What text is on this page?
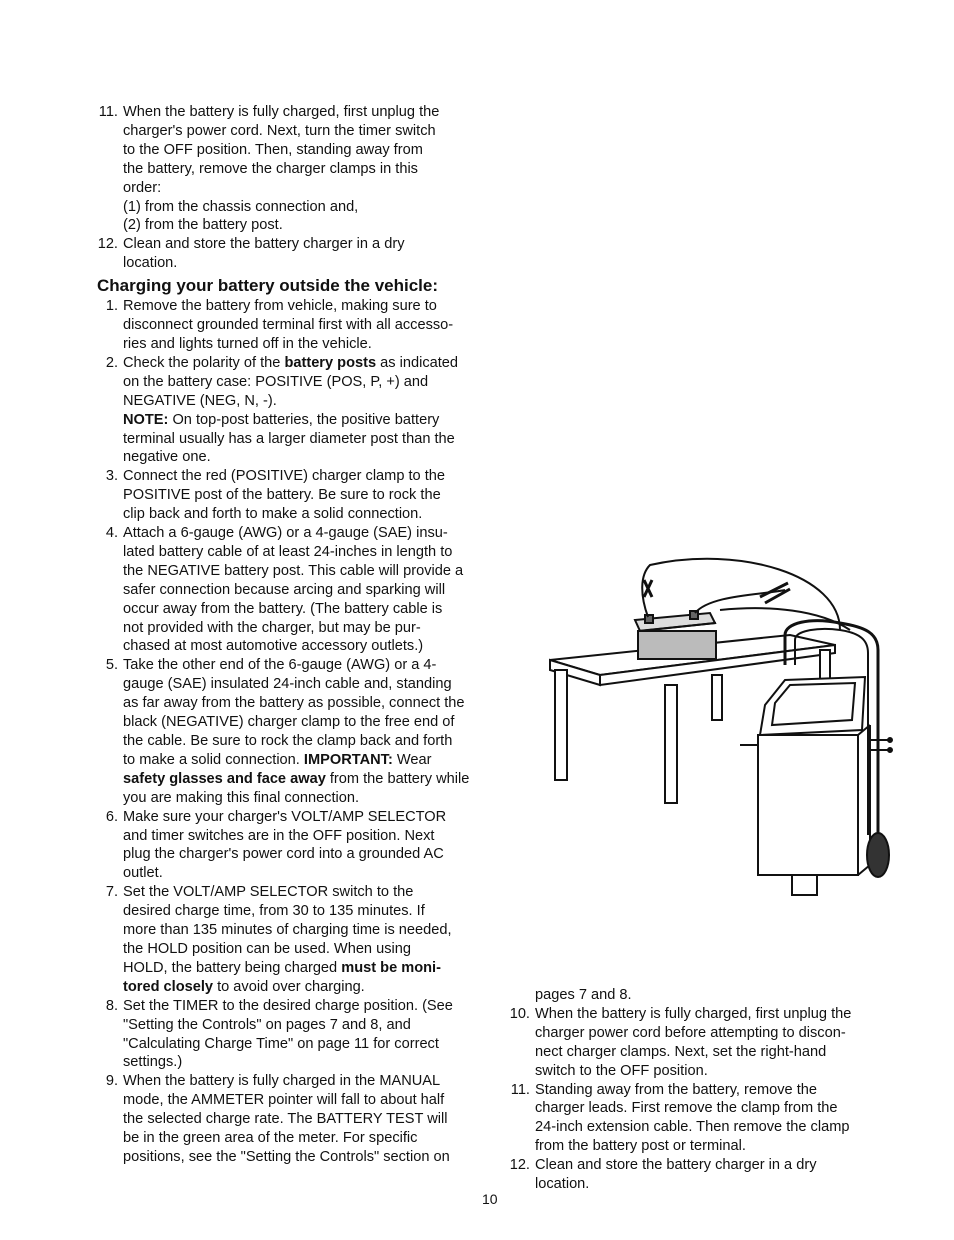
11. When the battery is fully charged, first unplug the

charger's power cord. Next, turn the timer switch

to the OFF position. Then, standing away from

the battery, remove the charger clamps in this

order:

(1) from the chassis connection and,

(2) from the battery post.

12. Clean and store the battery charger in a dry

location.

Charging your battery outside the vehicle:
1. Remove the battery from vehicle, making sure to

disconnect grounded terminal first with all accesso-

ries and lights turned off in the vehicle.

2. Check the polarity of the battery posts as indicated

on the battery case: POSITIVE (POS, P, +) and

NEGATIVE (NEG, N, -).

NOTE: On top-post batteries, the positive battery

terminal usually has a larger diameter post than the

negative one.

3. Connect the red (POSITIVE) charger clamp to the

POSITIVE post of the battery. Be sure to rock the

clip back and forth to make a solid connection.

4. Attach a 6-gauge (AWG) or a 4-gauge (SAE) insu-

lated battery cable of at least 24-inches in length to

the NEGATIVE battery post. This cable will provide a

safer connection because arcing and sparking will

occur away from the battery. (The battery cable is

not provided with the charger, but may be pur-

chased at most automotive accessory outlets.)

5. Take the other end of the 6-gauge (AWG) or a 4-

gauge (SAE) insulated 24-inch cable and, standing

as far away from the battery as possible, connect the

black (NEGATIVE) charger clamp to the free end of

the cable. Be sure to rock the clamp back and forth

to make a solid connection. IMPORTANT: Wear

safety glasses and face away from the battery while

you are making this final connection.

6. Make sure your charger's VOLT/AMP SELECTOR

and timer switches are in the OFF position. Next

plug the charger's power cord into a grounded AC

outlet.

7. Set the VOLT/AMP SELECTOR switch to the

desired charge time, from 30 to 135 minutes. If

more than 135 minutes of charging time is needed,

the HOLD position can be used. When using

HOLD, the battery being charged must be moni-

tored closely to avoid over charging.

8. Set the TIMER to the desired charge position. (See

"Setting the Controls" on pages 7 and 8, and

"Calculating Charge Time" on page 11 for correct

settings.)

9. When the battery is fully charged in the MANUAL

mode, the AMMETER pointer will fall to about half

the selected charge rate. The BATTERY TEST will

be in the green area of the meter. For specific

positions, see the "Setting the Controls" section on

pages 7 and 8.

10. When the battery is fully charged, first unplug the

charger power cord before attempting to discon-

nect charger clamps. Next, set the right-hand

switch to the OFF position.

11. Standing away from the battery, remove the

charger leads. First remove the clamp from the

24-inch extension cable. Then remove the clamp

from the battery post or terminal.

12. Clean and store the battery charger in a dry

location.

10
